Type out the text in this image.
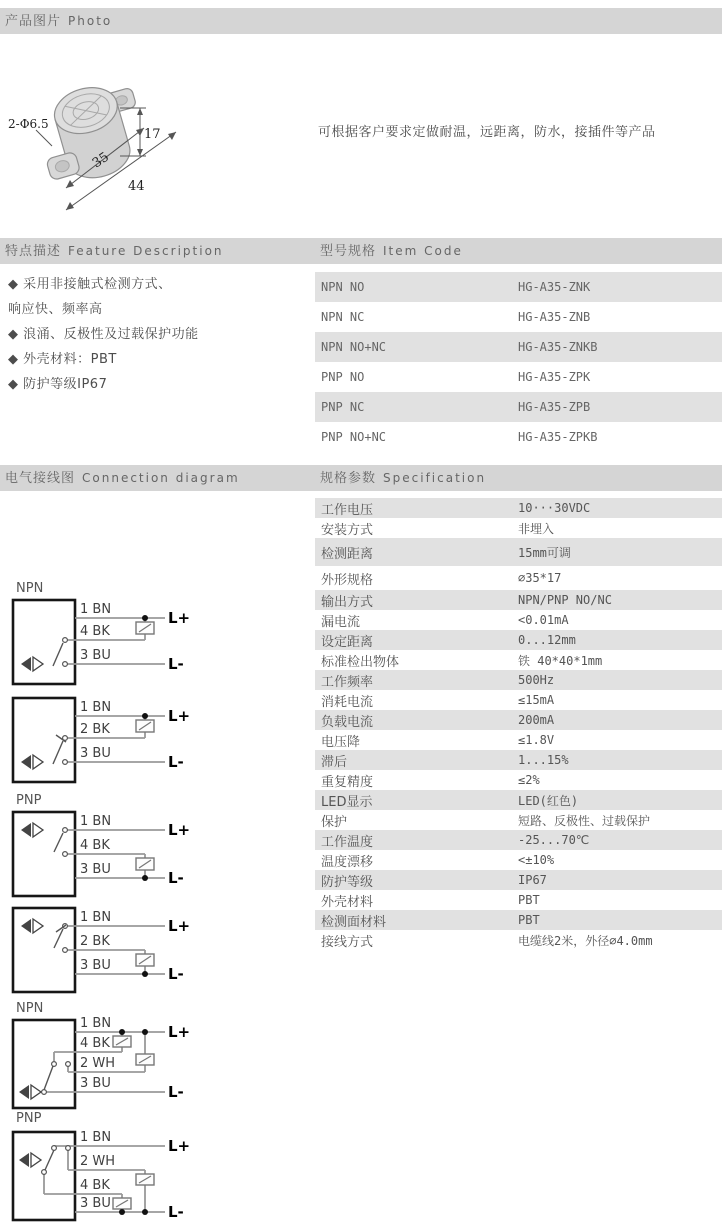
产品图片 Photo
17
35
44
2-Φ6.5
可根据客户要求定做耐温，远距离，防水，接插件等产品
特点描述 Feature Description	型号规格 Item Code
◆ 采用非接触式检测方式、
响应快、频率高
◆ 浪涌、反极性及过载保护功能
◆ 外壳材料：PBT
◆ 防护等级IP67
NPN NO	HG-A35-ZNK
NPN NC	HG-A35-ZNB
NPN NO+NC	HG-A35-ZNKB
PNP NO	HG-A35-ZPK
PNP NC	HG-A35-ZPB
PNP NO+NC	HG-A35-ZPKB
电气接线图 Connection diagram	规格参数 Specification
NPN
1 BN
4 BK
3 BU
L+
L-
1 BN
2 BK
3 BU
L+
L-
PNP
1 BN
4 BK
3 BU
L+
L-
1 BN
2 BK
3 BU
L+
L-
NPN
1 BN
4 BK
2 WH
3 BU
L+
L-
PNP
1 BN
2 WH
4 BK
3 BU
L+
L-
工作电压	10···30VDC
安装方式	非埋入
检测距离	15mm可调
外形规格	∅35*17
输出方式	NPN/PNP NO/NC
漏电流	<0.01mA
设定距离	0...12mm
标准检出物体	铁 40*40*1mm
工作频率	500Hz
消耗电流	≤15mA
负载电流	200mA
电压降	≤1.8V
滞后	1...15%
重复精度	≤2%
LED显示	LED(红色)
保护	短路、反极性、过载保护
工作温度	-25...70℃
温度漂移	<±10%
防护等级	IP67
外壳材料	PBT
检测面材料	PBT
接线方式	电缆线2米，外径∅4.0mm
